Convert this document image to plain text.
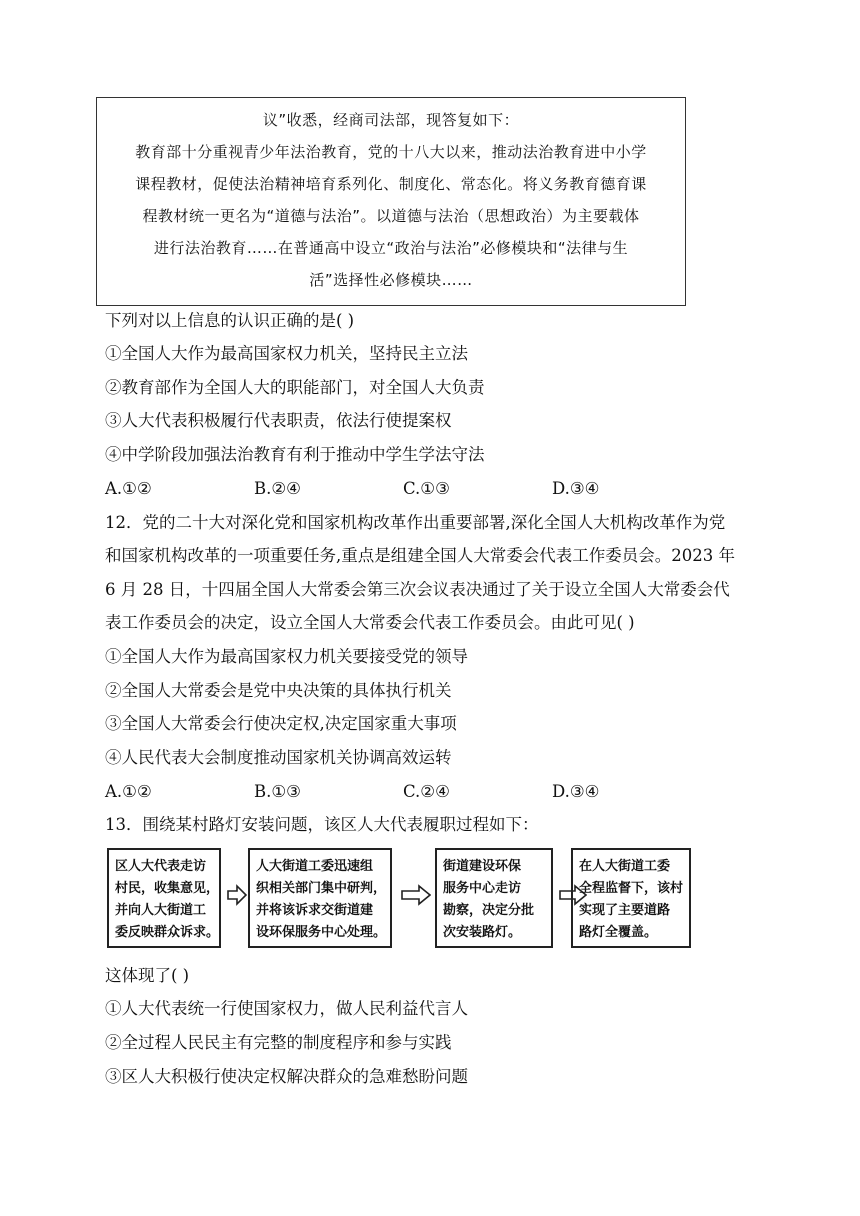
议”收悉，经商司法部，现答复如下：
教育部十分重视青少年法治教育，党的十八大以来，推动法治教育进中小学
课程教材，促使法治精神培育系列化、制度化、常态化。将义务教育德育课
程教材统一更名为“道德与法治”。以道德与法治（思想政治）为主要载体
进行法治教育……在普通高中设立“政治与法治”必修模块和“法律与生
活”选择性必修模块……
下列对以上信息的认识正确的是( )
①全国人大作为最高国家权力机关，坚持民主立法
②教育部作为全国人大的职能部门，对全国人大负责
③人大代表积极履行代表职责，依法行使提案权
④中学阶段加强法治教育有利于推动中学生学法守法
A.①②	B.②④	C.①③	D.③④
12．党的二十大对深化党和国家机构改革作出重要部署,深化全国人大机构改革作为党
和国家机构改革的一项重要任务,重点是组建全国人大常委会代表工作委员会。2023 年
6 月 28 日，十四届全国人大常委会第三次会议表决通过了关于设立全国人大常委会代
表工作委员会的决定，设立全国人大常委会代表工作委员会。由此可见( )
①全国人大作为最高国家权力机关要接受党的领导
②全国人大常委会是党中央决策的具体执行机关
③全国人大常委会行使决定权,决定国家重大事项
④人民代表大会制度推动国家机关协调高效运转
A.①②	B.①③	C.②④	D.③④
13．围绕某村路灯安装问题，该区人大代表履职过程如下：
区人大代表走访
村民，收集意见，
并向人大街道工
委反映群众诉求。
人大街道工委迅速组
织相关部门集中研判，
并将该诉求交街道建
设环保服务中心处理。
街道建设环保
服务中心走访
勘察，决定分批
次安装路灯。
在人大街道工委
全程监督下，该村
实现了主要道路
路灯全覆盖。
这体现了( )
①人大代表统一行使国家权力，做人民利益代言人
②全过程人民民主有完整的制度程序和参与实践
③区人大积极行使决定权解决群众的急难愁盼问题
